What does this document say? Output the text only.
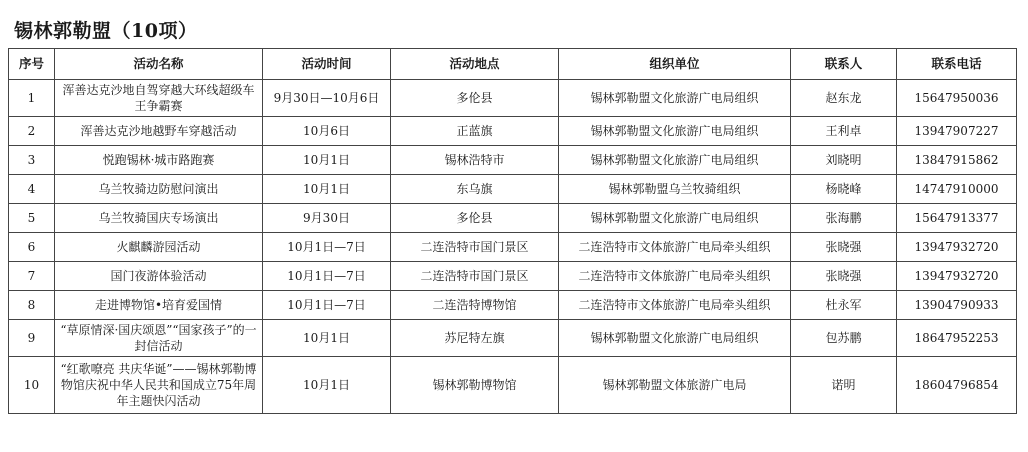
锡林郭勒盟（10项）
序号	活动名称	活动时间	活动地点	组织单位	联系人	联系电话
1	浑善达克沙地自驾穿越大环线超级车王争霸赛	9月30日—10月6日	多伦县	锡林郭勒盟文化旅游广电局组织	赵东龙	15647950036
2	浑善达克沙地越野车穿越活动	10月6日	正蓝旗	锡林郭勒盟文化旅游广电局组织	王利卓	13947907227
3	悦跑锡林·城市路跑赛	10月1日	锡林浩特市	锡林郭勒盟文化旅游广电局组织	刘晓明	13847915862
4	乌兰牧骑边防慰问演出	10月1日	东乌旗	锡林郭勒盟乌兰牧骑组织	杨晓峰	14747910000
5	乌兰牧骑国庆专场演出	9月30日	多伦县	锡林郭勒盟文化旅游广电局组织	张海鹏	15647913377
6	火麒麟游园活动	10月1日—7日	二连浩特市国门景区	二连浩特市文体旅游广电局牵头组织	张晓强	13947932720
7	国门夜游体验活动	10月1日—7日	二连浩特市国门景区	二连浩特市文体旅游广电局牵头组织	张晓强	13947932720
8	走进博物馆•培育爱国情	10月1日—7日	二连浩特博物馆	二连浩特市文体旅游广电局牵头组织	杜永军	13904790933
9	“草原情深·国庆颂恩”“国家孩子”的一封信活动	10月1日	苏尼特左旗	锡林郭勒盟文化旅游广电局组织	包苏鹏	18647952253
10	“红歌嘹亮 共庆华诞”——锡林郭勒博物馆庆祝中华人民共和国成立75年周年主题快闪活动	10月1日	锡林郭勒博物馆	锡林郭勒盟文体旅游广电局	诺明	18604796854
